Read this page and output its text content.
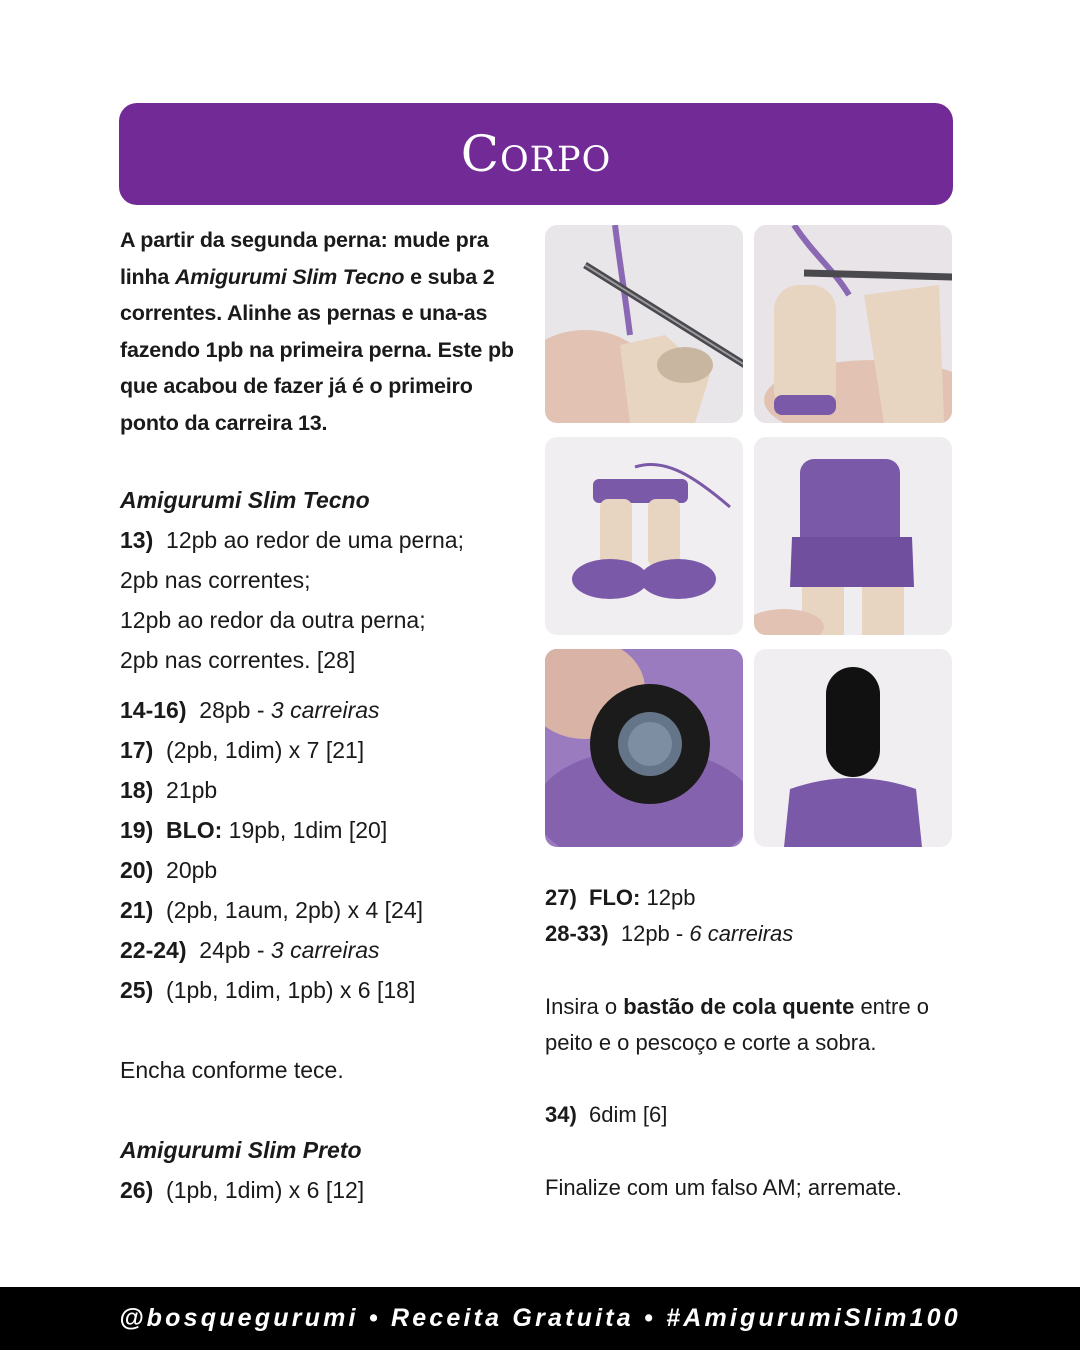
Corpo

A partir da segunda perna: mude pra linha Amigurumi Slim Tecno e suba 2 correntes. Alinhe as pernas e una-as fazendo 1pb na primeira perna. Este pb que acabou de fazer já é o primeiro ponto da carreira 13.

Amigurumi Slim Tecno
13) 12pb ao redor de uma perna;
2pb nas correntes;
12pb ao redor da outra perna;
2pb nas correntes. [28]
14-16) 28pb - 3 carreiras
17) (2pb, 1dim) x 7 [21]
18) 21pb
19) BLO: 19pb, 1dim [20]
20) 20pb
21) (2pb, 1aum, 2pb) x 4 [24]
22-24) 24pb - 3 carreiras
25) (1pb, 1dim, 1pb) x 6 [18]
Encha conforme tece.
Amigurumi Slim Preto
26) (1pb, 1dim) x 6 [12]
27) FLO: 12pb
28-33) 12pb - 6 carreiras

Insira o bastão de cola quente entre o peito e o pescoço e corte a sobra.

34) 6dim [6]
Finalize com um falso AM; arremate.
@bosquegurumi • Receita Gratuita • #AmigurumiSlim100
